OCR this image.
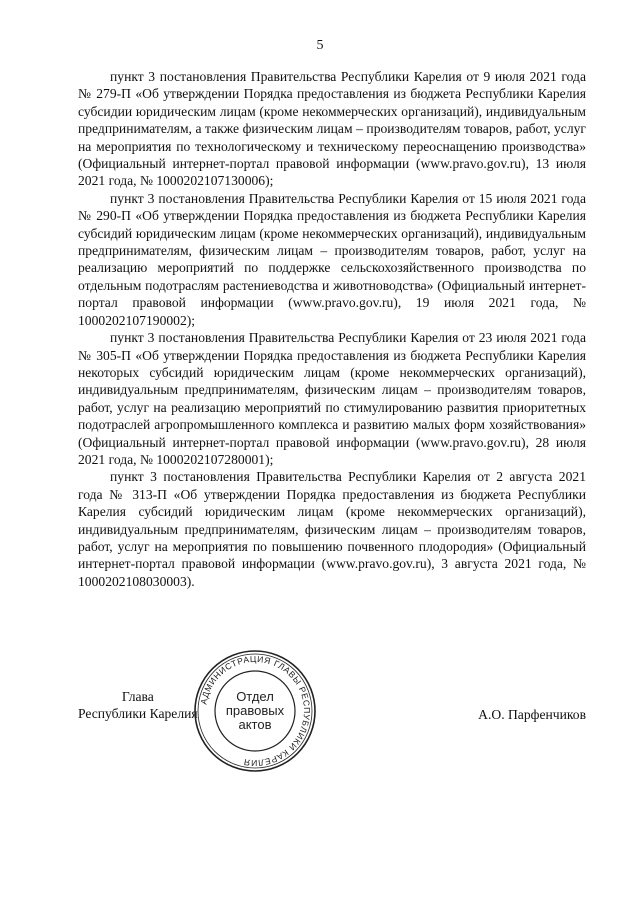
5

пункт 3 постановления Правительства Республики Карелия от 9 июля 2021 года № 279-П «Об утверждении Порядка предоставления из бюджета Республики Карелия субсидии юридическим лицам (кроме некоммерческих организаций), индивидуальным предпринимателям, а также физическим лицам – производителям товаров, работ, услуг на мероприятия по технологическому и техническому переоснащению производства» (Официальный интернет-портал правовой информации (www.pravo.gov.ru), 13 июля 2021 года, № 1000202107130006);

пункт 3 постановления Правительства Республики Карелия от 15 июля 2021 года № 290-П «Об утверждении Порядка предоставления из бюджета Республики Карелия субсидий юридическим лицам (кроме некоммерческих организаций), индивидуальным предпринимателям, физическим лицам – производителям товаров, работ, услуг на реализацию мероприятий по поддержке сельскохозяйственного производства по отдельным подотраслям растениеводства и животноводства» (Официальный интернет-портал правовой информации (www.pravo.gov.ru), 19 июля 2021 года, № 1000202107190002);

пункт 3 постановления Правительства Республики Карелия от 23 июля 2021 года № 305-П «Об утверждении Порядка предоставления из бюджета Республики Карелия некоторых субсидий юридическим лицам (кроме некоммерческих организаций), индивидуальным предпринимателям, физическим лицам – производителям товаров, работ, услуг на реализацию мероприятий по стимулированию развития приоритетных подотраслей агропромышленного комплекса и развитию малых форм хозяйствования» (Официальный интернет-портал правовой информации (www.pravo.gov.ru), 28 июля 2021 года, № 1000202107280001);

пункт 3 постановления Правительства Республики Карелия от 2 августа 2021 года № 313-П «Об утверждении Порядка предоставления из бюджета Республики Карелия субсидий юридическим лицам (кроме некоммерческих организаций), индивидуальным предпринимателям, физическим лицам – производителям товаров, работ, услуг на мероприятия по повышению почвенного плодородия» (Официальный интернет-портал правовой информации (www.pravo.gov.ru), 3 августа 2021 года, № 1000202108030003).

Глава
Республики Карелия	А.О. Парфенчиков
АДМИНИСТРАЦИЯ ГЛАВЫ РЕСПУБЛИКИ КАРЕЛИЯ
Отдел
правовых
актов
